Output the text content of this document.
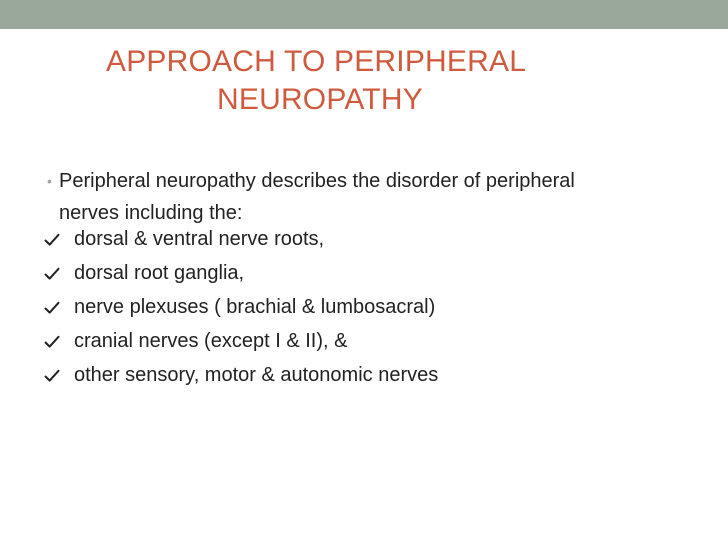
APPROACH TO PERIPHERAL
NEUROPATHY
• Peripheral neuropathy describes the disorder of peripheral
nerves including the:
dorsal & ventral nerve roots,
dorsal root ganglia,
nerve plexuses ( brachial & lumbosacral)
cranial nerves (except I & II), &
other sensory, motor & autonomic nerves
